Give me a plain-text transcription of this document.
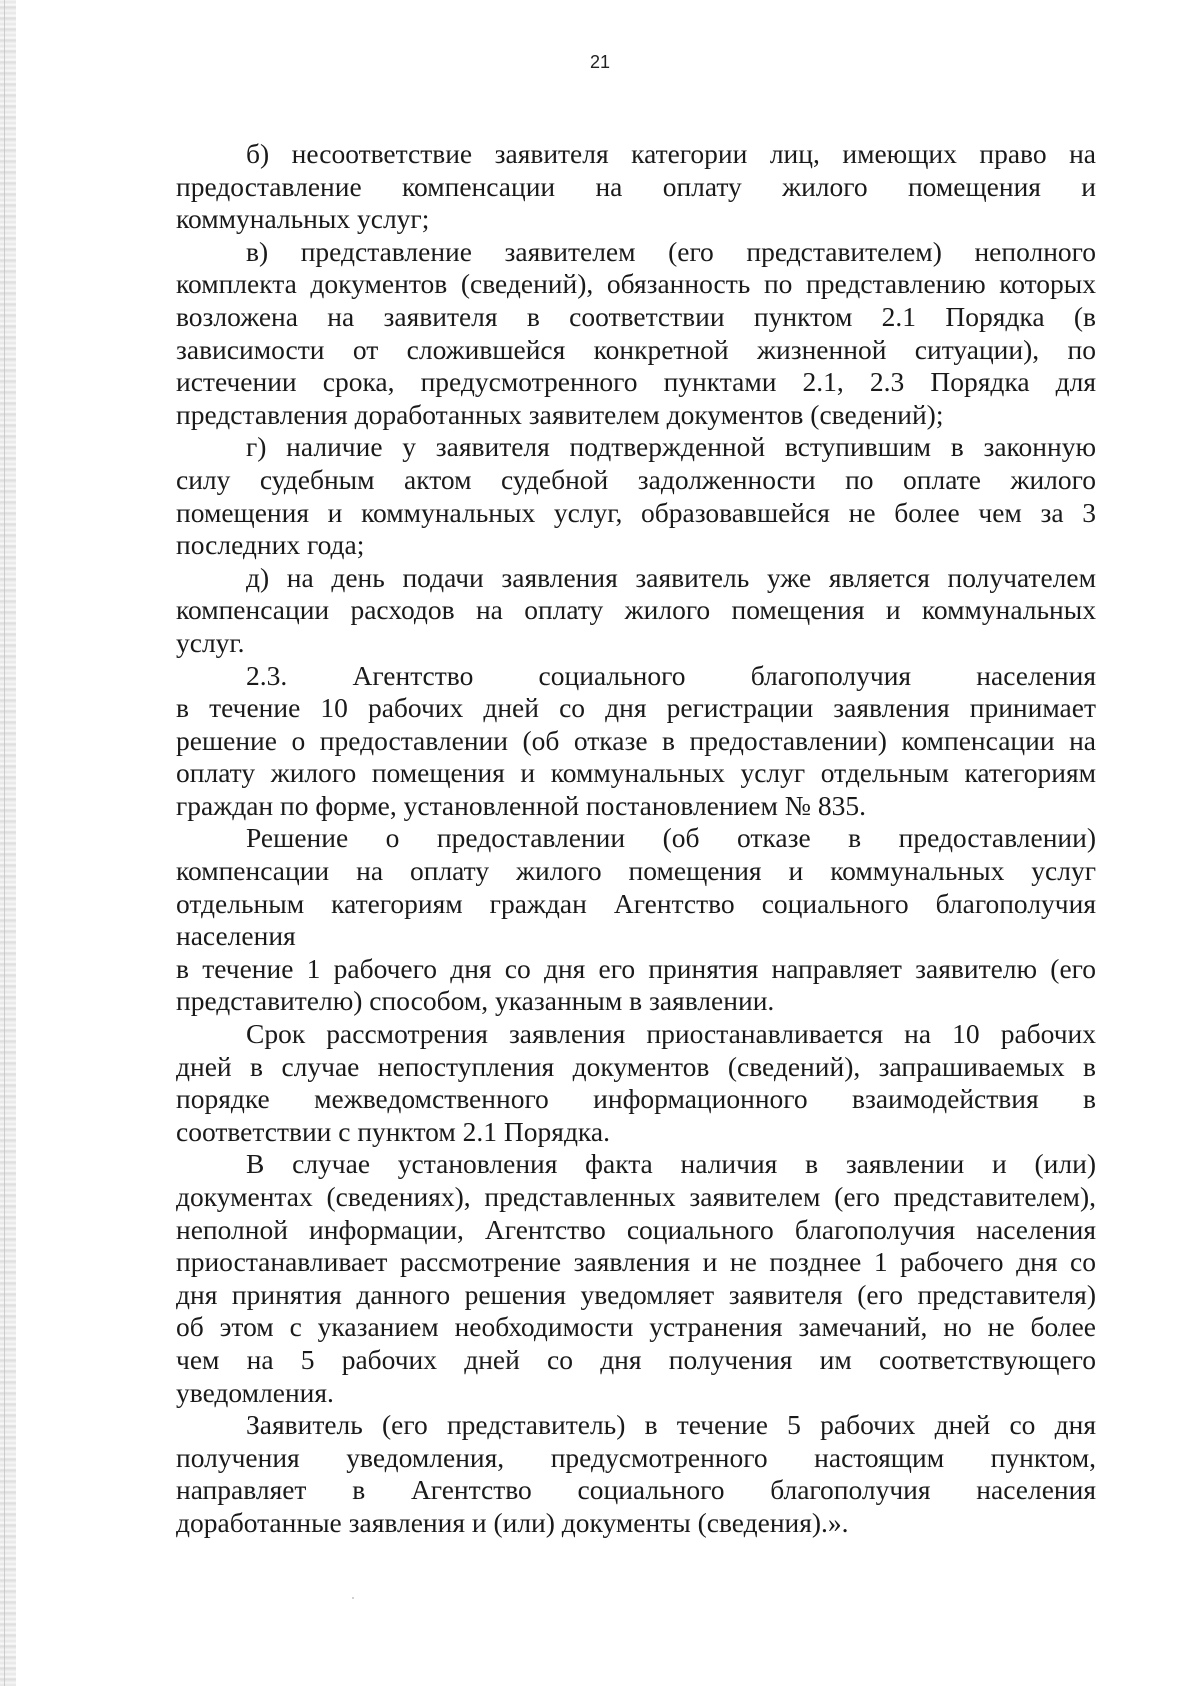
21

б) несоответствие заявителя категории лиц, имеющих право на
предоставление компенсации на оплату жилого помещения и
коммунальных услуг;

в) представление заявителем (его представителем) неполного
комплекта документов (сведений), обязанность по представлению которых
возложена на заявителя в соответствии пунктом 2.1 Порядка (в
зависимости от сложившейся конкретной жизненной ситуации), по
истечении срока, предусмотренного пунктами 2.1, 2.3 Порядка для
представления доработанных заявителем документов (сведений);

г) наличие у заявителя подтвержденной вступившим в законную
силу судебным актом судебной задолженности по оплате жилого
помещения и коммунальных услуг, образовавшейся не более чем за 3
последних года;

д) на день подачи заявления заявитель уже является получателем
компенсации расходов на оплату жилого помещения и коммунальных
услуг.

2.3. Агентство социального благополучия населения
в течение 10 рабочих дней со дня регистрации заявления принимает
решение о предоставлении (об отказе в предоставлении) компенсации на
оплату жилого помещения и коммунальных услуг отдельным категориям
граждан по форме, установленной постановлением № 835.

Решение о предоставлении (об отказе в предоставлении)
компенсации на оплату жилого помещения и коммунальных услуг
отдельным категориям граждан Агентство социального благополучия
населения

в течение 1 рабочего дня со дня его принятия направляет заявителю (его
представителю) способом, указанным в заявлении.

Срок рассмотрения заявления приостанавливается на 10 рабочих
дней в случае непоступления документов (сведений), запрашиваемых в
порядке межведомственного информационного взаимодействия в
соответствии с пунктом 2.1 Порядка.

В случае установления факта наличия в заявлении и (или)
документах (сведениях), представленных заявителем (его представителем),
неполной информации, Агентство социального благополучия населения
приостанавливает рассмотрение заявления и не позднее 1 рабочего дня со
дня принятия данного решения уведомляет заявителя (его представителя)
об этом с указанием необходимости устранения замечаний, но не более
чем на 5 рабочих дней со дня получения им соответствующего
уведомления.

Заявитель (его представитель) в течение 5 рабочих дней со дня
получения уведомления, предусмотренного настоящим пунктом,
направляет в Агентство социального благополучия населения
доработанные заявления и (или) документы (сведения).».
